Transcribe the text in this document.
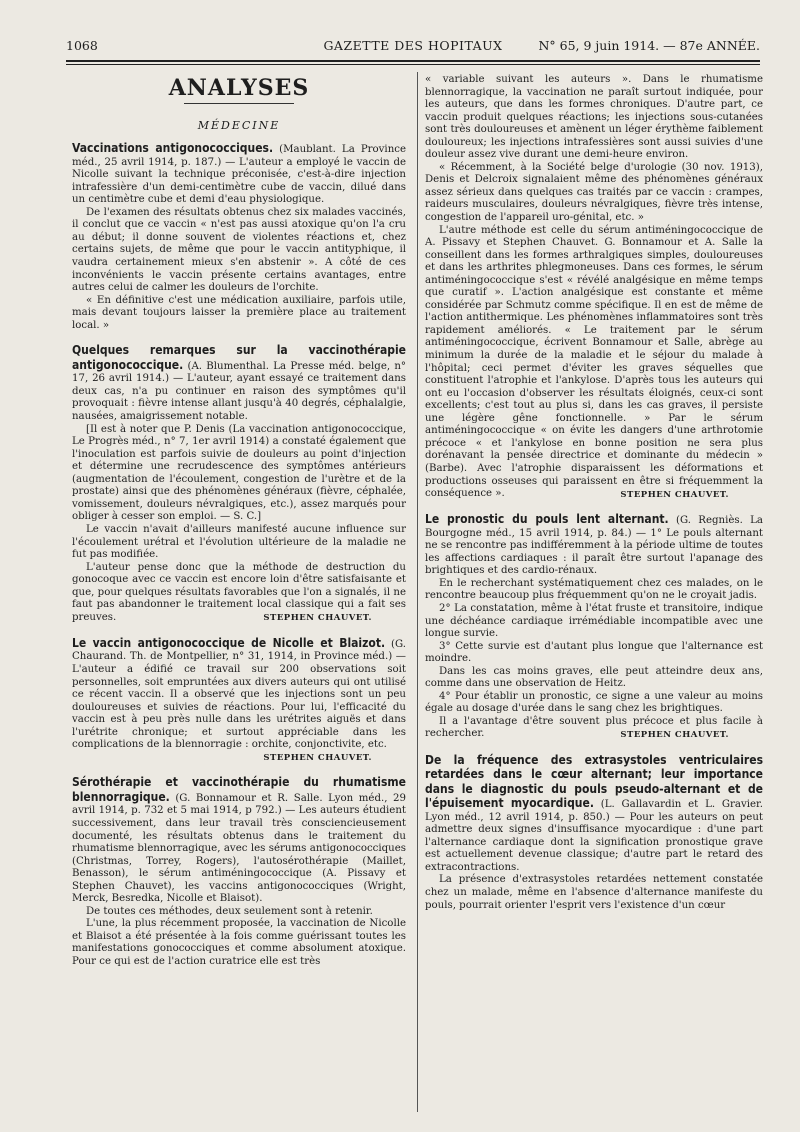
1068	GAZETTE DES HOPITAUX	N° 65, 9 juin 1914. — 87e ANNÉE.
ANALYSES
MÉDECINE

Vaccinations antigonococciques. (Maublant. La Province méd., 25 avril 1914, p. 187.) — L'auteur a employé le vaccin de Nicolle suivant la technique préconisée, c'est-à-dire injection intrafessière d'un demi-centimètre cube de vaccin, dilué dans un centimètre cube et demi d'eau physiologique.

De l'examen des résultats obtenus chez six malades vaccinés, il conclut que ce vaccin « n'est pas aussi atoxique qu'on l'a cru au début; il donne souvent de violentes réactions et, chez certains sujets, de même que pour le vaccin antityphique, il vaudra certainement mieux s'en abstenir ». A côté de ces inconvénients le vaccin présente certains avantages, entre autres celui de calmer les douleurs de l'orchite.

« En définitive c'est une médication auxiliaire, parfois utile, mais devant toujours laisser la première place au traitement local. »

Quelques remarques sur la vaccinothérapie antigonococcique. (A. Blumenthal. La Presse méd. belge, n° 17, 26 avril 1914.) — L'auteur, ayant essayé ce traitement dans deux cas, n'a pu continuer en raison des symptômes qu'il provoquait : fièvre intense allant jusqu'à 40 degrés, céphalalgie, nausées, amaigrissement notable.

[Il est à noter que P. Denis (La vaccination antigonococcique, Le Progrès méd., n° 7, 1er avril 1914) a constaté également que l'inoculation est parfois suivie de douleurs au point d'injection et détermine une recrudescence des symptômes antérieurs (augmentation de l'écoulement, congestion de l'urètre et de la prostate) ainsi que des phénomènes généraux (fièvre, céphalée, vomissement, douleurs névralgiques, etc.), assez marqués pour obliger à cesser son emploi. — S. C.]

Le vaccin n'avait d'ailleurs manifesté aucune influence sur l'écoulement urétral et l'évolution ultérieure de la maladie ne fut pas modifiée.

L'auteur pense donc que la méthode de destruction du gonocoque avec ce vaccin est encore loin d'être satisfaisante et que, pour quelques résultats favorables que l'on a signalés, il ne faut pas abandonner le traitement local classique qui a fait ses preuves.	STEPHEN CHAUVET.

Le vaccin antigonococcique de Nicolle et Blaizot. (G. Chaurand. Th. de Montpellier, n° 31, 1914, in Province méd.) — L'auteur a édifié ce travail sur 200 observations soit personnelles, soit empruntées aux divers auteurs qui ont utilisé ce récent vaccin. Il a observé que les injections sont un peu douloureuses et suivies de réactions. Pour lui, l'efficacité du vaccin est à peu près nulle dans les urétrites aiguës et dans l'urétrite chronique; et surtout appréciable dans les complications de la blennorragie : orchite, conjonctivite, etc.

STEPHEN CHAUVET.

Sérothérapie et vaccinothérapie du rhumatisme blennorragique. (G. Bonnamour et R. Salle. Lyon méd., 29 avril 1914, p. 732 et 5 mai 1914, p 792.) — Les auteurs étudient successivement, dans leur travail très consciencieusement documenté, les résultats obtenus dans le traitement du rhumatisme blennorragique, avec les sérums antigonococciques (Christmas, Torrey, Rogers), l'autosérothérapie (Maillet, Benasson), le sérum antiméningococcique (A. Pissavy et Stephen Chauvet), les vaccins antigonococciques (Wright, Merck, Besredka, Nicolle et Blaisot).

De toutes ces méthodes, deux seulement sont à retenir.

L'une, la plus récemment proposée, la vaccination de Nicolle et Blaisot a été présentée à la fois comme guérissant toutes les manifestations gonococciques et comme absolument atoxique. Pour ce qui est de l'action curatrice elle est très

« variable suivant les auteurs ». Dans le rhumatisme blennorragique, la vaccination ne paraît surtout indiquée, pour les auteurs, que dans les formes chroniques. D'autre part, ce vaccin produit quelques réactions; les injections sous-cutanées sont très douloureuses et amènent un léger érythème faiblement douloureux; les injections intrafessières sont aussi suivies d'une douleur assez vive durant une demi-heure environ.

« Récemment, à la Société belge d'urologie (30 nov. 1913), Denis et Delcroix signalaient même des phénomènes généraux assez sérieux dans quelques cas traités par ce vaccin : crampes, raideurs musculaires, douleurs névralgiques, fièvre très intense, congestion de l'appareil uro-génital, etc. »

L'autre méthode est celle du sérum antiméningococcique de A. Pissavy et Stephen Chauvet. G. Bonnamour et A. Salle la conseillent dans les formes arthralgiques simples, douloureuses et dans les arthrites phlegmoneuses. Dans ces formes, le sérum antiméningococcique s'est « révélé analgésique en même temps que curatif ». L'action analgésique est constante et même considérée par Schmutz comme spécifique. Il en est de même de l'action antithermique. Les phénomènes inflammatoires sont très rapidement améliorés. « Le traitement par le sérum antiméningococcique, écrivent Bonnamour et Salle, abrège au minimum la durée de la maladie et le séjour du malade à l'hôpital; ceci permet d'éviter les graves séquelles que constituent l'atrophie et l'ankylose. D'après tous les auteurs qui ont eu l'occasion d'observer les résultats éloignés, ceux-ci sont excellents; c'est tout au plus si, dans les cas graves, il persiste une légère gêne fonctionnelle. » Par le sérum antiméningococcique « on évite les dangers d'une arthrotomie précoce « et l'ankylose en bonne position ne sera plus dorénavant la pensée directrice et dominante du médecin » (Barbe). Avec l'atrophie disparaissent les déformations et productions osseuses qui paraissent en être si fréquemment la conséquence ».	STEPHEN CHAUVET.

Le pronostic du pouls lent alternant. (G. Regniès. La Bourgogne méd., 15 avril 1914, p. 84.) — 1° Le pouls alternant ne se rencontre pas indifféremment à la période ultime de toutes les affections cardiaques : il paraît être surtout l'apanage des brightiques et des cardio-rénaux.

En le recherchant systématiquement chez ces malades, on le rencontre beaucoup plus fréquemment qu'on ne le croyait jadis.

2° La constatation, même à l'état fruste et transitoire, indique une déchéance cardiaque irrémédiable incompatible avec une longue survie.

3° Cette survie est d'autant plus longue que l'alternance est moindre.

Dans les cas moins graves, elle peut atteindre deux ans, comme dans une observation de Heitz.

4° Pour établir un pronostic, ce signe a une valeur au moins égale au dosage d'urée dans le sang chez les brightiques.

Il a l'avantage d'être souvent plus précoce et plus facile à rechercher.	STEPHEN CHAUVET.

De la fréquence des extrasystoles ventriculaires retardées dans le cœur alternant; leur importance dans le diagnostic du pouls pseudo-alternant et de l'épuisement myocardique. (L. Gallavardin et L. Gravier. Lyon méd., 12 avril 1914, p. 850.) — Pour les auteurs on peut admettre deux signes d'insuffisance myocardique : d'une part l'alternance cardiaque dont la signification pronostique grave est actuellement devenue classique; d'autre part le retard des extracontractions.

La présence d'extrasystoles retardées nettement constatée chez un malade, même en l'absence d'alternance manifeste du pouls, pourrait orienter l'esprit vers l'existence d'un cœur
